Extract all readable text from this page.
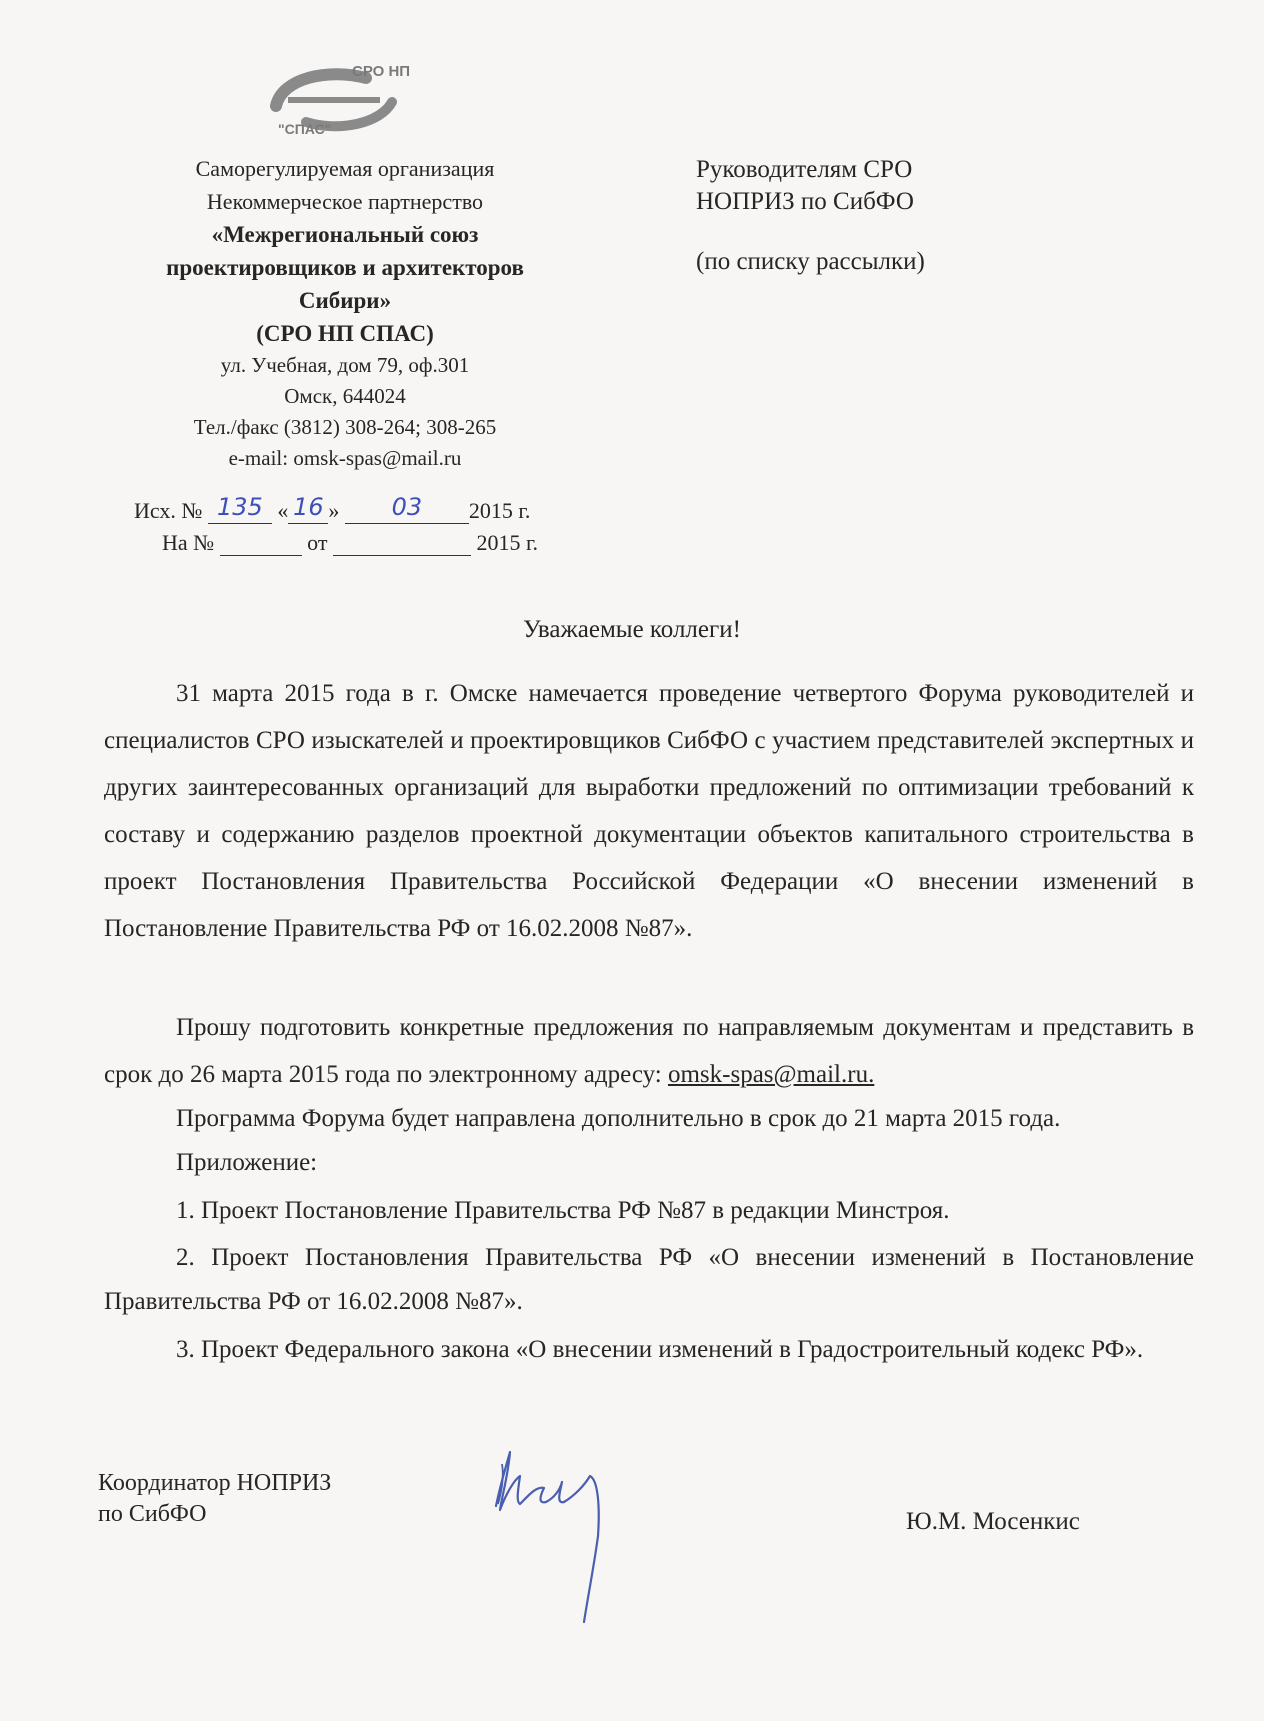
СРО НП
"СПАС"
Саморегулируемая организация
Некоммерческое партнерство
«Межрегиональный союз
проектировщиков и архитекторов
Сибири»
(СРО НП СПАС)
ул. Учебная, дом 79, оф.301
Омск, 644024
Тел./факс (3812) 308-264; 308-265
e-mail: omsk-spas@mail.ru
Исх. № 135 « 16 »	03	2015 г.
На №	от	2015 г.
Руководителям СРО
НОПРИЗ по СибФО
(по списку рассылки)
Уважаемые коллеги!

31 марта 2015 года в г. Омске намечается проведение четвертого Форума руководителей и специалистов СРО изыскателей и проектировщиков СибФО с участием представителей экспертных и других заинтересованных организаций для выработки предложений по оптимизации требований к составу и содержанию разделов проектной документации объектов капитального строительства в проект Постановления Правительства Российской Федерации «О внесении изменений в Постановление Правительства РФ от 16.02.2008 №87».

Прошу подготовить конкретные предложения по направляемым документам и представить в срок до 26 марта 2015 года по электронному адресу: omsk-spas@mail.ru.

Программа Форума будет направлена дополнительно в срок до 21 марта 2015 года.

Приложение:

1. Проект Постановление Правительства РФ №87 в редакции Минстроя.

2. Проект Постановления Правительства РФ «О внесении изменений в Постановление Правительства РФ от 16.02.2008 №87».

3. Проект Федерального закона «О внесении изменений в Градостроительный кодекс РФ».

Координатор НОПРИЗ
по СибФО	Ю.М. Мосенкис
